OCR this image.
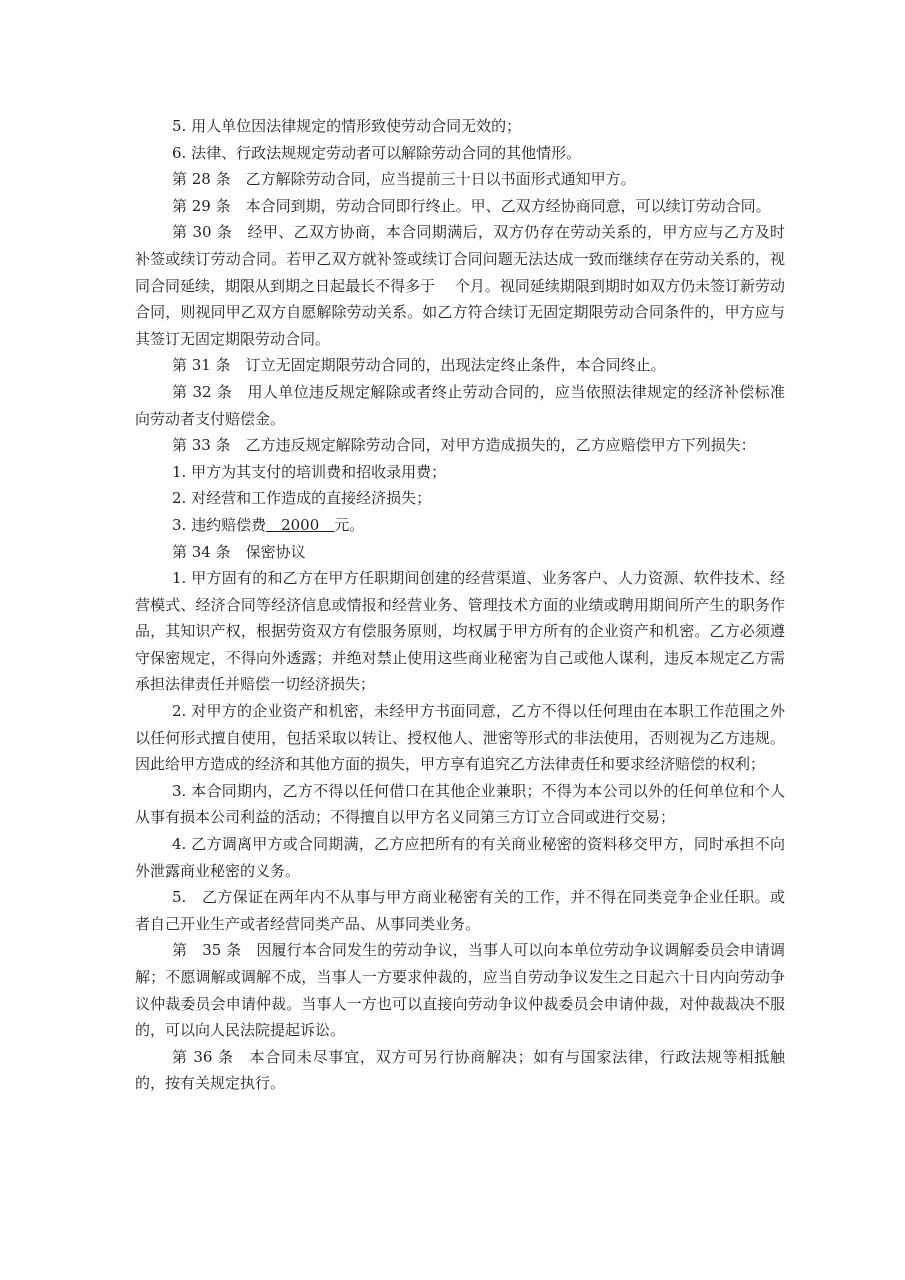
5. 用人单位因法律规定的情形致使劳动合同无效的；

6. 法律、行政法规规定劳动者可以解除劳动合同的其他情形。

第 28 条　乙方解除劳动合同，应当提前三十日以书面形式通知甲方。

第 29 条　本合同到期，劳动合同即行终止。甲、乙双方经协商同意，可以续订劳动合同。

第 30 条　经甲、乙双方协商，本合同期满后，双方仍存在劳动关系的，甲方应与乙方及时补签或续订劳动合同。若甲乙双方就补签或续订合同问题无法达成一致而继续存在劳动关系的，视同合同延续，期限从到期之日起最长不得多于　 个月。视同延续期限到期时如双方仍未签订新劳动合同，则视同甲乙双方自愿解除劳动关系。如乙方符合续订无固定期限劳动合同条件的，甲方应与其签订无固定期限劳动合同。

第 31 条　订立无固定期限劳动合同的，出现法定终止条件，本合同终止。

第 32 条　用人单位违反规定解除或者终止劳动合同的，应当依照法律规定的经济补偿标准向劳动者支付赔偿金。

第 33 条　乙方违反规定解除劳动合同，对甲方造成损失的，乙方应赔偿甲方下列损失：

1. 甲方为其支付的培训费和招收录用费；

2. 对经营和工作造成的直接经济损失；

3. 违约赔偿费　2000　元。

第 34 条　保密协议

1. 甲方固有的和乙方在甲方任职期间创建的经营渠道、业务客户、人力资源、软件技术、经营模式、经济合同等经济信息或情报和经营业务、管理技术方面的业绩或聘用期间所产生的职务作品，其知识产权，根据劳资双方有偿服务原则，均权属于甲方所有的企业资产和机密。乙方必须遵守保密规定，不得向外透露；并绝对禁止使用这些商业秘密为自己或他人谋利，违反本规定乙方需承担法律责任并赔偿一切经济损失；

2. 对甲方的企业资产和机密，未经甲方书面同意，乙方不得以任何理由在本职工作范围之外以任何形式擅自使用，包括采取以转让、授权他人、泄密等形式的非法使用，否则视为乙方违规。因此给甲方造成的经济和其他方面的损失，甲方享有追究乙方法律责任和要求经济赔偿的权利；

3. 本合同期内，乙方不得以任何借口在其他企业兼职；不得为本公司以外的任何单位和个人从事有损本公司利益的活动；不得擅自以甲方名义同第三方订立合同或进行交易；

4. 乙方调离甲方或合同期满，乙方应把所有的有关商业秘密的资料移交甲方，同时承担不向外泄露商业秘密的义务。

5.　乙方保证在两年内不从事与甲方商业秘密有关的工作，并不得在同类竞争企业任职。或者自己开业生产或者经营同类产品、从事同类业务。

第　35 条　因履行本合同发生的劳动争议，当事人可以向本单位劳动争议调解委员会申请调解；不愿调解或调解不成，当事人一方要求仲裁的，应当自劳动争议发生之日起六十日内向劳动争议仲裁委员会申请仲裁。当事人一方也可以直接向劳动争议仲裁委员会申请仲裁，对仲裁裁决不服的，可以向人民法院提起诉讼。

第 36 条　本合同未尽事宜，双方可另行协商解决；如有与国家法律，行政法规等相抵触的，按有关规定执行。
